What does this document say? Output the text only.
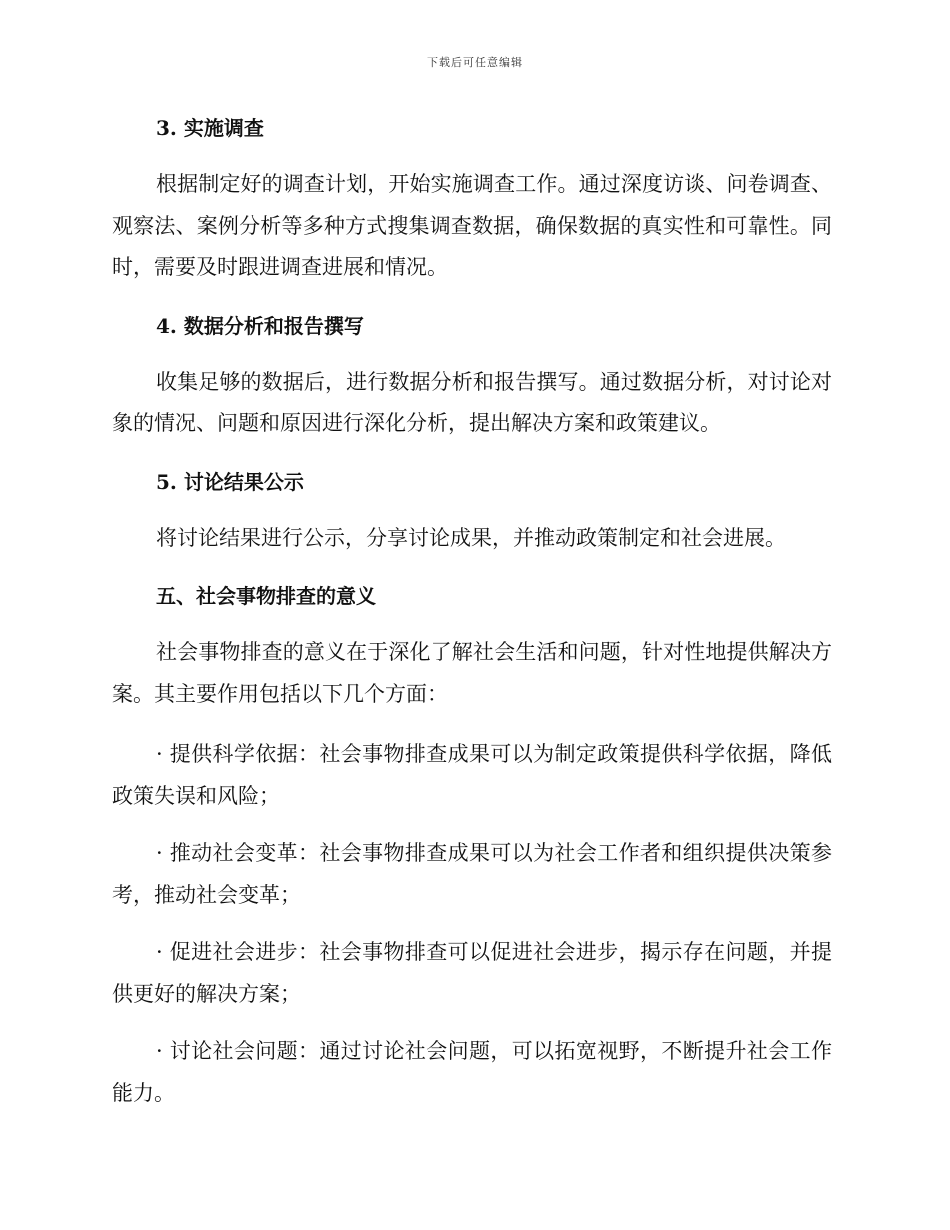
下载后可任意编辑
3. 实施调查

根据制定好的调查计划，开始实施调查工作。通过深度访谈、问卷调查、观察法、案例分析等多种方式搜集调查数据，确保数据的真实性和可靠性。同时，需要及时跟进调查进展和情况。

4. 数据分析和报告撰写

收集足够的数据后，进行数据分析和报告撰写。通过数据分析，对讨论对象的情况、问题和原因进行深化分析，提出解决方案和政策建议。

5. 讨论结果公示

将讨论结果进行公示，分享讨论成果，并推动政策制定和社会进展。

五、社会事物排查的意义

社会事物排查的意义在于深化了解社会生活和问题，针对性地提供解决方案。其主要作用包括以下几个方面：

· 提供科学依据：社会事物排查成果可以为制定政策提供科学依据，降低政策失误和风险；
· 推动社会变革：社会事物排查成果可以为社会工作者和组织提供决策参考，推动社会变革；
· 促进社会进步：社会事物排查可以促进社会进步，揭示存在问题，并提供更好的解决方案；
· 讨论社会问题：通过讨论社会问题，可以拓宽视野，不断提升社会工作能力。
